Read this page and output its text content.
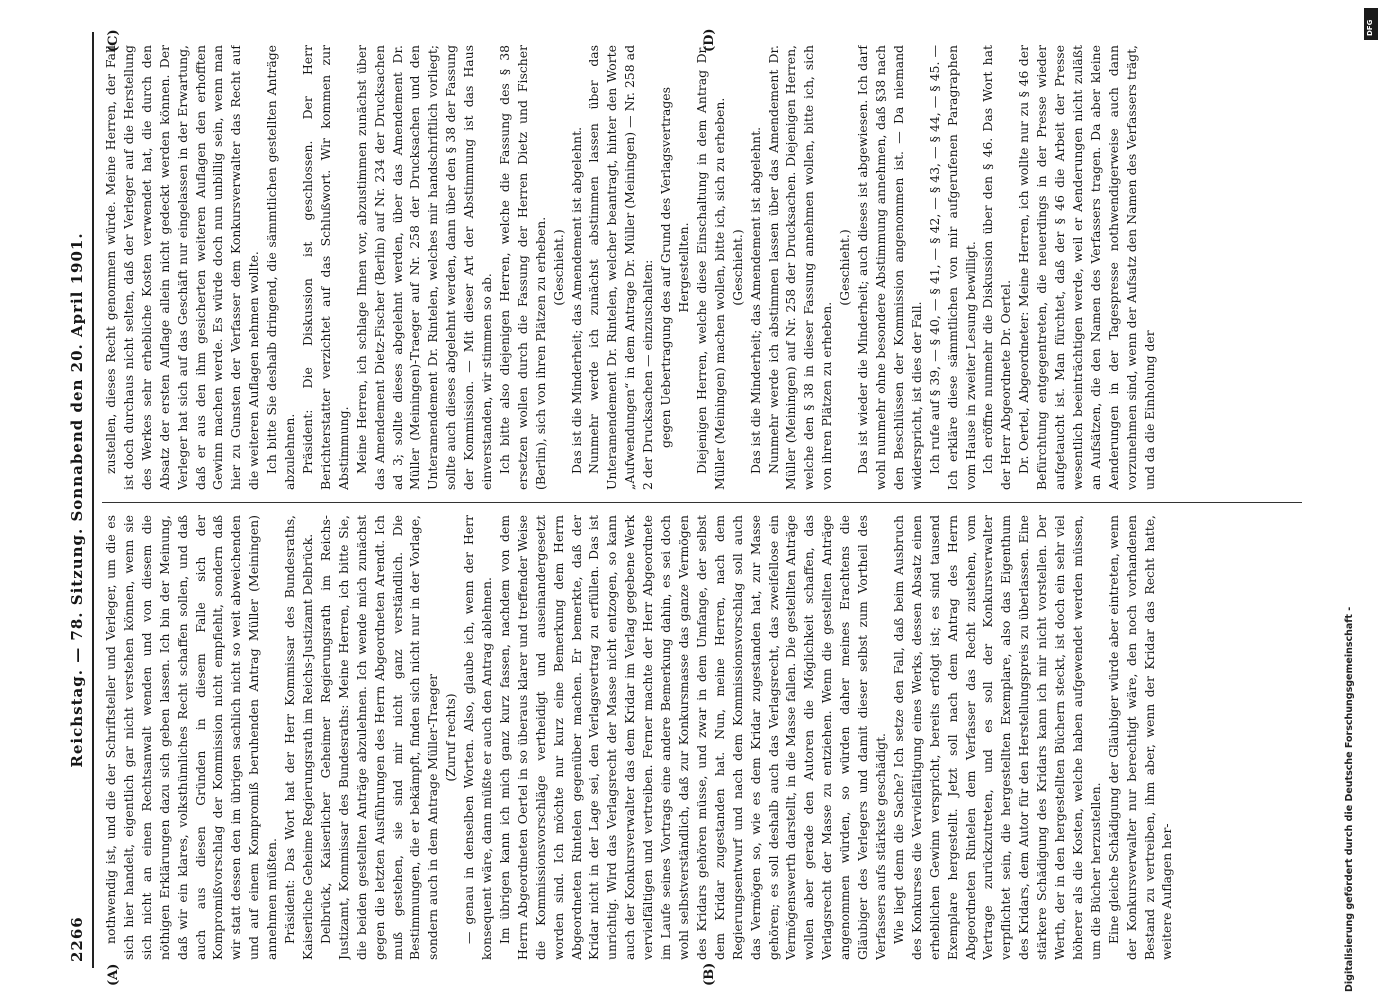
2266
Reichstag. — 78. Sitzung. Sonnabend den 20. April 1901.
(A)	(B)
(C)	(D)

nothwendig ist, und die der Schriftsteller und Verleger, um die es sich hier handelt, eigentlich gar nicht verstehen können, wenn sie sich nicht an einen Rechtsanwalt wenden und von diesem die nöthigen Erklärungen dazu sich geben lassen. Ich bin der Meinung, daß wir ein klares, volksthümliches Recht schaffen sollen, und daß auch aus diesen Gründen in diesem Falle sich der Kompromißvorschlag der Kommission nicht empfiehlt, sondern daß wir statt dessen den im übrigen sachlich nicht so weit abweichenden und auf einem Kompromiß beruhenden Antrag Müller (Meiningen) annehmen müßten. Präsident: Das Wort hat der Herr Kommissar des Bundesraths, Kaiserliche Geheime Regierungsrath im Reichs-Justizamt Delbrück. Delbrück, Kaiserlicher Geheimer Regierungsrath im Reichs-Justizamt, Kommissar des Bundesraths: Meine Herren, ich bitte Sie, die beiden gestellten Anträge abzulehnen. Ich wende mich zunächst gegen die letzten Ausführungen des Herrn Abgeordneten Arendt. Ich muß gestehen, sie sind mir nicht ganz verständlich. Die Bestimmungen, die er bekämpft, finden sich nicht nur in der Vorlage, sondern auch in dem Antrage Müller-Traeger (Zuruf rechts) — genau in denselben Worten. Also, glaube ich, wenn der Herr konsequent wäre, dann müßte er auch den Antrag ablehnen. Im übrigen kann ich mich ganz kurz fassen, nachdem von dem Herrn Abgeordneten Oertel in so überaus klarer und treffender Weise die Kommissionsvorschläge vertheidigt und auseinandergesetzt worden sind. Ich möchte nur kurz eine Bemerkung dem Herrn Abgeordneten Rintelen gegenüber machen. Er bemerkte, daß der Kridar nicht in der Lage sei, den Verlagsvertrag zu erfüllen. Das ist unrichtig. Wird das Verlagsrecht der Masse nicht entzogen, so kann auch der Konkursverwalter das dem Kridar im Verlag gegebene Werk vervielfältigen und vertreiben. Ferner machte der Herr Abgeordnete im Laufe seines Vortrags eine andere Bemerkung dahin, es sei doch wohl selbstverständlich, daß zur Konkursmasse das ganze Vermögen des Kridars gehören müsse, und zwar in dem Umfange, der selbst dem Kridar zugestanden hat. Nun, meine Herren, nach dem Regierungsentwurf und nach dem Kommissionsvorschlag soll auch das Vermögen so, wie es dem Kridar zugestanden hat, zur Masse gehören; es soll deshalb auch das Verlagsrecht, das zweifellose ein Vermögenswerth darstellt, in die Masse fallen. Die gestellten Anträge wollen aber gerade den Autoren die Möglichkeit schaffen, das Verlagsrecht der Masse zu entziehen. Wenn die gestellten Anträge angenommen würden, so würden daher meines Erachtens die Gläubiger des Verlegers und damit dieser selbst zum Vortheil des Verfassers aufs stärkste geschädigt. Wie liegt denn die Sache? Ich setze den Fall, daß beim Ausbruch des Konkurses die Vervielfältigung eines Werks, dessen Absatz einen erheblichen Gewinn verspricht, bereits erfolgt ist; es sind tausend Exemplare hergestellt. Jetzt soll nach dem Antrag des Herrn Abgeordneten Rintelen dem Verfasser das Recht zustehen, vom Vertrage zurückzutreten, und es soll der Konkursverwalter verpflichtet sein, die hergestellten Exemplare, also das Eigenthum des Kridars, dem Autor für den Herstellungspreis zu überlassen. Eine stärkere Schädigung des Kridars kann ich mir nicht vorstellen. Der Werth, der in den hergestellten Büchern steckt, ist doch ein sehr viel höherer als die Kosten, welche haben aufgewendet werden müssen, um die Bücher herzustellen. Eine gleiche Schädigung der Gläubiger würde aber eintreten, wenn der Konkursverwalter nur berechtigt wäre, den noch vorhandenen Bestand zu vertreiben, ihm aber, wenn der Kridar das Recht hatte, weitere Auflagen her-

zustellen, dieses Recht genommen würde. Meine Herren, der Fall ist doch durchaus nicht selten, daß der Verleger auf die Herstellung des Werkes sehr erhebliche Kosten verwendet hat, die durch den Absatz der ersten Auflage allein nicht gedeckt werden können. Der Verleger hat sich auf das Geschäft nur eingelassen in der Erwartung, daß er aus den ihm gesicherten weiteren Auflagen den erhofften Gewinn machen werde. Es würde doch nun unbillig sein, wenn man hier zu Gunsten der Verfasser dem Konkursverwalter das Recht auf die weiteren Auflagen nehmen wollte. Ich bitte Sie deshalb dringend, die sämmtlichen gestellten Anträge abzulehnen. Präsident: Die Diskussion ist geschlossen. Der Herr Berichterstatter verzichtet auf das Schlußwort. Wir kommen zur Abstimmung. Meine Herren, ich schlage Ihnen vor, abzustimmen zunächst über das Amendement Dietz-Fischer (Berlin) auf Nr. 234 der Drucksachen ad 3; sollte dieses abgelehnt werden, über das Amendement Dr. Müller (Meiningen)-Traeger auf Nr. 258 der Drucksachen und den Unteramendement Dr. Rintelen, welches mir handschriftlich vorliegt; sollte auch dieses abgelehnt werden, dann über den § 38 der Fassung der Kommission. — Mit dieser Art der Abstimmung ist das Haus einverstanden, wir stimmen so ab. Ich bitte also diejenigen Herren, welche die Fassung des § 38 ersetzen wollen durch die Fassung der Herren Dietz und Fischer (Berlin), sich von ihren Plätzen zu erheben. (Geschieht.) Das ist die Minderheit; das Amendement ist abgelehnt. Nunmehr werde ich zunächst abstimmen lassen über das Unteramendement Dr. Rintelen, welcher beantragt, hinter den Worte „Aufwendungen“ in dem Antrage Dr. Müller (Meiningen) — Nr. 258 ad 2 der Drucksachen — einzuschalten: gegen Uebertragung des auf Grund des Verlagsvertrages Hergestellten. Diejenigen Herren, welche diese Einschaltung in dem Antrag Dr. Müller (Meiningen) machen wollen, bitte ich, sich zu erheben. (Geschieht.) Das ist die Minderheit; das Amendement ist abgelehnt. Nunmehr werde ich abstimmen lassen über das Amendement Dr. Müller (Meiningen) auf Nr. 258 der Drucksachen. Diejenigen Herren, welche den § 38 in dieser Fassung annehmen wollen, bitte ich, sich von ihren Plätzen zu erheben.

(Geschieht.) Das ist wieder die Minderheit; auch dieses ist abgewiesen. Ich darf wohl nunmehr ohne besondere Abstimmung annehmen, daß §38 nach den Beschlüssen der Kommission angenommen ist. — Da niemand widerspricht, ist dies der Fall. Ich rufe auf § 39, — § 40, — § 41, — § 42, — § 43, — § 44, — § 45. — Ich erkläre diese sämmtlichen von mir aufgerufenen Paragraphen vom Hause in zweiter Lesung bewilligt. Ich eröffne nunmehr die Diskussion über den § 46. Das Wort hat der Herr Abgeordnete Dr. Oertel. Dr. Oertel, Abgeordneter: Meine Herren, ich wollte nur zu § 46 der Befürchtung entgegentreten, die neuerdings in der Presse wieder aufgetaucht ist. Man fürchtet, daß der § 46 die Arbeit der Presse wesentlich beeinträchtigen werde, weil er Aenderungen nicht zuläßt an Aufsätzen, die den Namen des Verfassers tragen. Da aber kleine Aenderungen in der Tagespresse nothwendigerweise auch dann vorzunehmen sind, wenn der Aufsatz den Namen des Verfassers trägt, und da die Einholung der

Digitalisierung gefördert durch die Deutsche Forschungsgemeinschaft -
DFG
